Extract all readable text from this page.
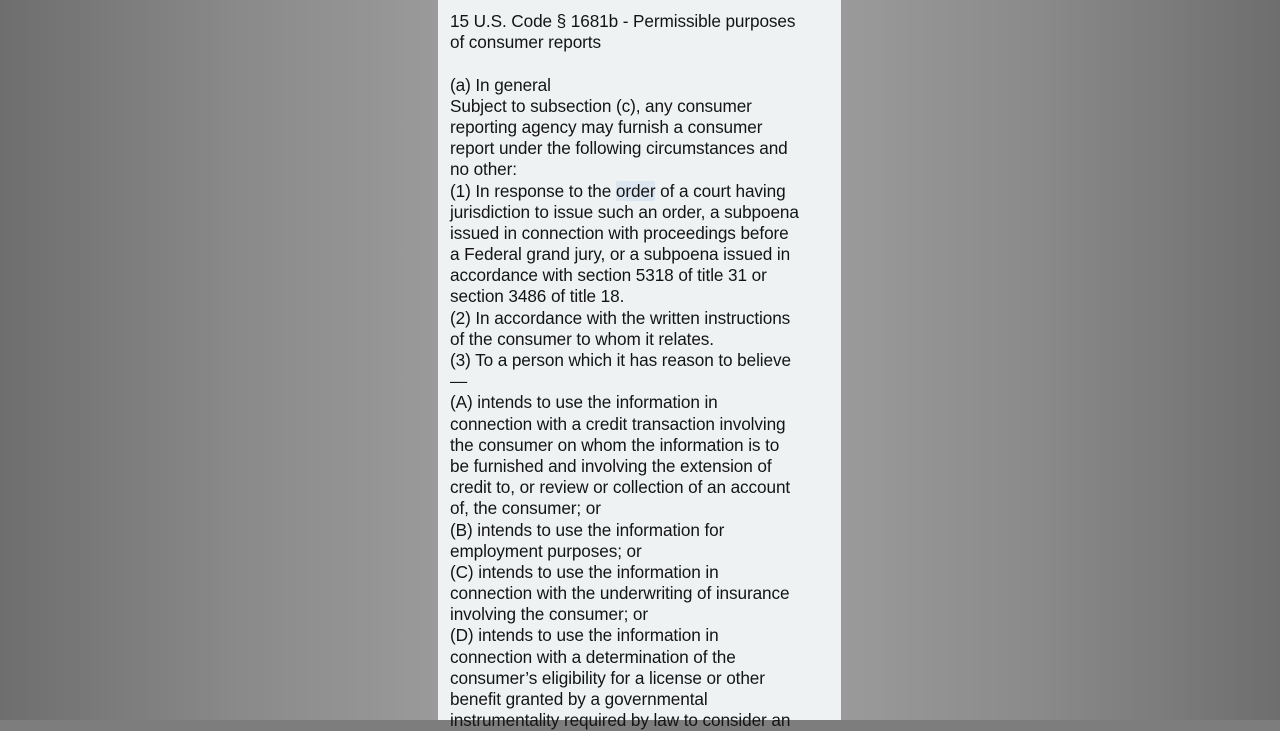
15 U.S. Code § 1681b - Permissible purposes
of consumer reports
(a) In general
Subject to subsection (c), any consumer
reporting agency may furnish a consumer
report under the following circumstances and
no other:
(1) In response to the order of a court having
jurisdiction to issue such an order, a subpoena
issued in connection with proceedings before
a Federal grand jury, or a subpoena issued in
accordance with section 5318 of title 31 or
section 3486 of title 18.
(2) In accordance with the written instructions
of the consumer to whom it relates.
(3) To a person which it has reason to believe
—
(A) intends to use the information in
connection with a credit transaction involving
the consumer on whom the information is to
be furnished and involving the extension of
credit to, or review or collection of an account
of, the consumer; or
(B) intends to use the information for
employment purposes; or
(C) intends to use the information in
connection with the underwriting of insurance
involving the consumer; or
(D) intends to use the information in
connection with a determination of the
consumer’s eligibility for a license or other
benefit granted by a governmental
instrumentality required by law to consider an
